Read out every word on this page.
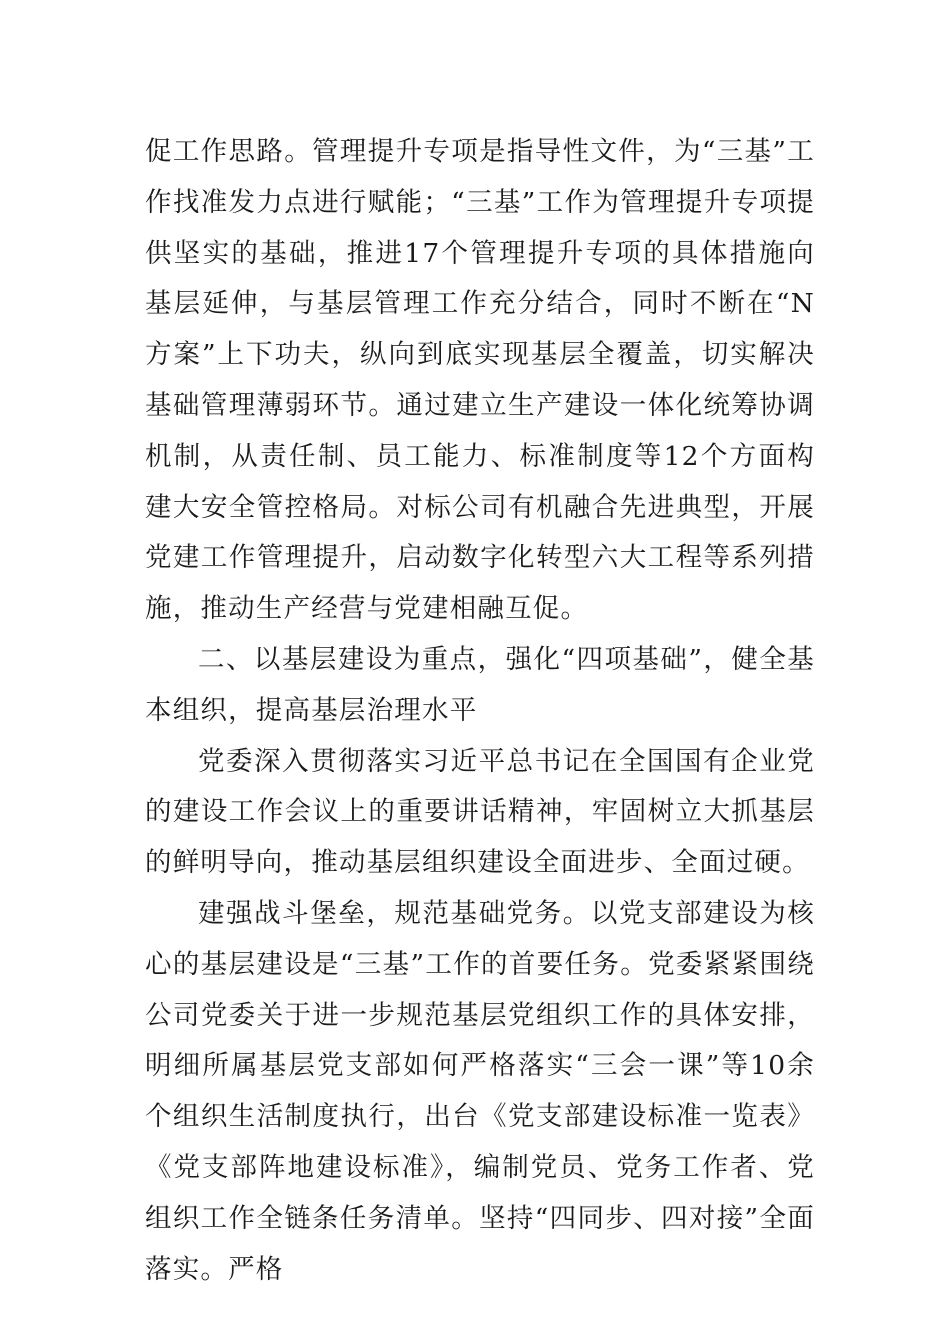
促工作思路。管理提升专项是指导性文件，为“三基”工作找准发力点进行赋能；“三基”工作为管理提升专项提供坚实的基础，推进17个管理提升专项的具体措施向基层延伸，与基层管理工作充分结合，同时不断在“N方案”上下功夫，纵向到底实现基层全覆盖，切实解决基础管理薄弱环节。通过建立生产建设一体化统筹协调机制，从责任制、员工能力、标准制度等12个方面构建大安全管控格局。对标公司有机融合先进典型，开展党建工作管理提升，启动数字化转型六大工程等系列措施，推动生产经营与党建相融互促。

二、以基层建设为重点，强化“四项基础”，健全基本组织，提高基层治理水平

党委深入贯彻落实习近平总书记在全国国有企业党的建设工作会议上的重要讲话精神，牢固树立大抓基层的鲜明导向，推动基层组织建设全面进步、全面过硬。

建强战斗堡垒，规范基础党务。以党支部建设为核心的基层建设是“三基”工作的首要任务。党委紧紧围绕公司党委关于进一步规范基层党组织工作的具体安排，明细所属基层党支部如何严格落实“三会一课”等10余个组织生活制度执行，出台《党支部建设标准一览表》《党支部阵地建设标准》，编制党员、党务工作者、党组织工作全链条任务清单。坚持“四同步、四对接”全面落实。严格
